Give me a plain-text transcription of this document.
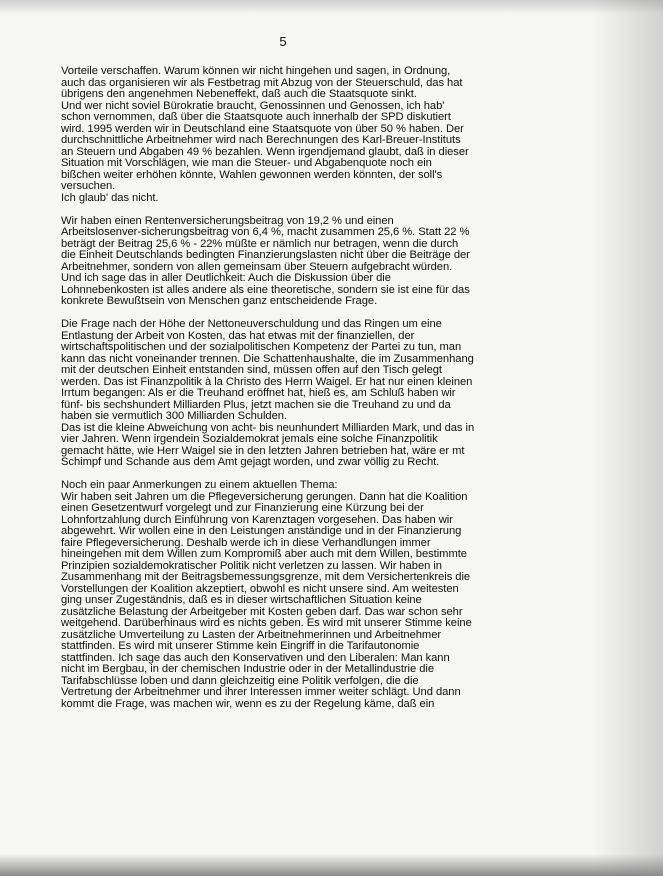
5

Vorteile verschaffen. Warum können wir nicht hingehen und sagen, in Ordnung,
auch das organisieren wir als Festbetrag mit Abzug von der Steuerschuld, das hat
übrigens den angenehmen Nebeneffekt, daß auch die Staatsquote sinkt.
Und wer nicht soviel Bürokratie braucht, Genossinnen und Genossen, ich hab'
schon vernommen, daß über die Staatsquote auch innerhalb der SPD diskutiert
wird. 1995 werden wir in Deutschland eine Staatsquote von über 50 % haben. Der
durchschnittliche Arbeitnehmer wird nach Berechnungen des Karl-Breuer-Instituts
an Steuern und Abgaben 49 % bezahlen. Wenn irgendjemand glaubt, daß in dieser
Situation mit Vorschlägen, wie man die Steuer- und Abgabenquote noch ein
bißchen weiter erhöhen könnte, Wahlen gewonnen werden könnten, der soll's
versuchen.
Ich glaub' das nicht.

Wir haben einen Rentenversicherungsbeitrag von 19,2 % und einen
Arbeitslosenver-sicherungsbeitrag von 6,4 %, macht zusammen 25,6 %. Statt 22 %
beträgt der Beitrag 25,6 % - 22% müßte er nämlich nur betragen, wenn die durch
die Einheit Deutschlands bedingten Finanzierungslasten nicht über die Beiträge der
Arbeitnehmer, sondern von allen gemeinsam über Steuern aufgebracht würden.
Und ich sage das in aller Deutlichkeit: Auch die Diskussion über die
Lohnnebenkosten ist alles andere als eine theoretische, sondern sie ist eine für das
konkrete Bewußtsein von Menschen ganz entscheidende Frage.

Die Frage nach der Höhe der Nettoneuverschuldung und das Ringen um eine
Entlastung der Arbeit von Kosten, das hat etwas mit der finanziellen, der
wirtschaftspolitischen und der sozialpolitischen Kompetenz der Partei zu tun, man
kann das nicht voneinander trennen. Die Schattenhaushalte, die im Zusammenhang
mit der deutschen Einheit entstanden sind, müssen offen auf den Tisch gelegt
werden. Das ist Finanzpolitik à la Christo des Herrn Waigel. Er hat nur einen kleinen
Irrtum begangen: Als er die Treuhand eröffnet hat, hieß es, am Schluß haben wir
fünf- bis sechshundert Milliarden Plus, jetzt machen sie die Treuhand zu und da
haben sie vermutlich 300 Milliarden Schulden.
Das ist die kleine Abweichung von acht- bis neunhundert Milliarden Mark, und das in
vier Jahren. Wenn irgendein Sozialdemokrat jemals eine solche Finanzpolitik
gemacht hätte, wie Herr Waigel sie in den letzten Jahren betrieben hat, wäre er mt
Schimpf und Schande aus dem Amt gejagt worden, und zwar völlig zu Recht.

Noch ein paar Anmerkungen zu einem aktuellen Thema:
Wir haben seit Jahren um die Pflegeversicherung gerungen. Dann hat die Koalition
einen Gesetzentwurf vorgelegt und zur Finanzierung eine Kürzung bei der
Lohnfortzahlung durch Einführung von Karenztagen vorgesehen. Das haben wir
abgewehrt. Wir wollen eine in den Leistungen anständige und in der Finanzierung
faire Pflegeversicherung. Deshalb werde ich in diese Verhandlungen immer
hineingehen mit dem Willen zum Kompromiß aber auch mit dem Willen, bestimmte
Prinzipien sozialdemokratischer Politik nicht verletzen zu lassen. Wir haben in
Zusammenhang mit der Beitragsbemessungsgrenze, mit dem Versichertenkreis die
Vorstellungen der Koalition akzeptiert, obwohl es nicht unsere sind. Am weitesten
ging unser Zugeständnis, daß es in dieser wirtschaftlichen Situation keine
zusätzliche Belastung der Arbeitgeber mit Kosten geben darf. Das war schon sehr
weitgehend. Darüberhinaus wird es nichts geben. Es wird mit unserer Stimme keine
zusätzliche Umverteilung zu Lasten der Arbeitnehmerinnen und Arbeitnehmer
stattfinden. Es wird mit unserer Stimme kein Eingriff in die Tarifautonomie
stattfinden. Ich sage das auch den Konservativen und den Liberalen: Man kann
nicht im Bergbau, in der chemischen Industrie oder in der Metallindustrie die
Tarifabschlüsse loben und dann gleichzeitig eine Politik verfolgen, die die
Vertretung der Arbeitnehmer und ihrer Interessen immer weiter schlägt. Und dann
kommt die Frage, was machen wir, wenn es zu der Regelung käme, daß ein
